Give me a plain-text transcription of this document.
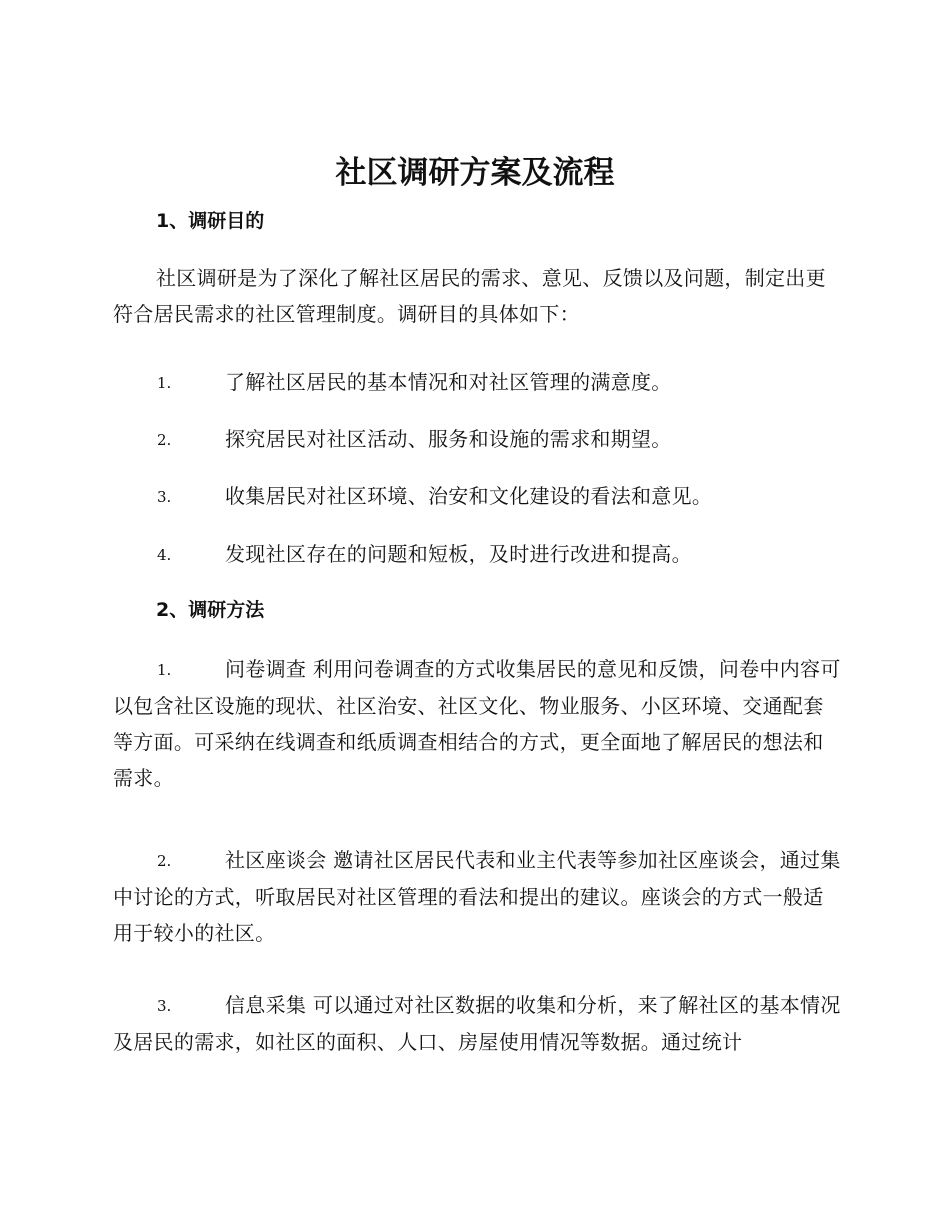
社区调研方案及流程
1、调研目的

社区调研是为了深化了解社区居民的需求、意见、反馈以及问题，制定出更符合居民需求的社区管理制度。调研目的具体如下：

1.	了解社区居民的基本情况和对社区管理的满意度。

2.	探究居民对社区活动、服务和设施的需求和期望。

3.	收集居民对社区环境、治安和文化建设的看法和意见。

4.	发现社区存在的问题和短板，及时进行改进和提高。

2、调研方法

1.	问卷调查 利用问卷调查的方式收集居民的意见和反馈，问卷中内容可以包含社区设施的现状、社区治安、社区文化、物业服务、小区环境、交通配套等方面。可采纳在线调查和纸质调查相结合的方式，更全面地了解居民的想法和需求。

2.	社区座谈会 邀请社区居民代表和业主代表等参加社区座谈会，通过集中讨论的方式，听取居民对社区管理的看法和提出的建议。座谈会的方式一般适用于较小的社区。

3.	信息采集 可以通过对社区数据的收集和分析，来了解社区的基本情况及居民的需求，如社区的面积、人口、房屋使用情况等数据。通过统计
